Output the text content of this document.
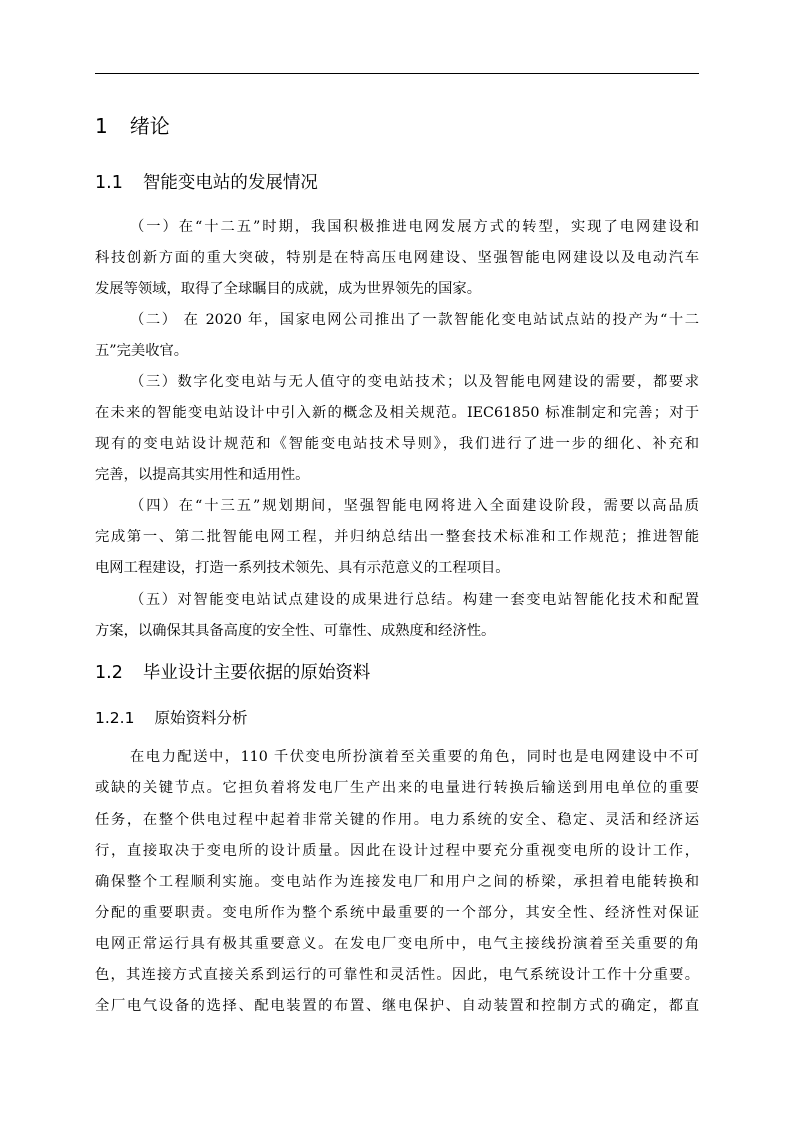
1 绪论
1.1 智能变电站的发展情况
（一）在“十二五”时期，我国积极推进电网发展方式的转型，实现了电网建设和
科技创新方面的重大突破，特别是在特高压电网建设、坚强智能电网建设以及电动汽车
发展等领域，取得了全球瞩目的成就，成为世界领先的国家。
（二） 在 2020 年，国家电网公司推出了一款智能化变电站试点站的投产为“十二
五”完美收官。
（三）数字化变电站与无人值守的变电站技术；以及智能电网建设的需要，都要求
在未来的智能变电站设计中引入新的概念及相关规范。IEC61850 标准制定和完善；对于
现有的变电站设计规范和《智能变电站技术导则》，我们进行了进一步的细化、补充和
完善，以提高其实用性和适用性。
（四）在“十三五”规划期间，坚强智能电网将进入全面建设阶段，需要以高品质
完成第一、第二批智能电网工程，并归纳总结出一整套技术标准和工作规范；推进智能
电网工程建设，打造一系列技术领先、具有示范意义的工程项目。
（五）对智能变电站试点建设的成果进行总结。构建一套变电站智能化技术和配置
方案，以确保其具备高度的安全性、可靠性、成熟度和经济性。
1.2 毕业设计主要依据的原始资料
1.2.1 原始资料分析
在电力配送中，110 千伏变电所扮演着至关重要的角色，同时也是电网建设中不可
或缺的关键节点。它担负着将发电厂生产出来的电量进行转换后输送到用电单位的重要
任务，在整个供电过程中起着非常关键的作用。电力系统的安全、稳定、灵活和经济运
行，直接取决于变电所的设计质量。因此在设计过程中要充分重视变电所的设计工作，
确保整个工程顺利实施。变电站作为连接发电厂和用户之间的桥梁，承担着电能转换和
分配的重要职责。变电所作为整个系统中最重要的一个部分，其安全性、经济性对保证
电网正常运行具有极其重要意义。在发电厂变电所中，电气主接线扮演着至关重要的角
色，其连接方式直接关系到运行的可靠性和灵活性。因此，电气系统设计工作十分重要。
全厂电气设备的选择、配电装置的布置、继电保护、自动装置和控制方式的确定，都直
